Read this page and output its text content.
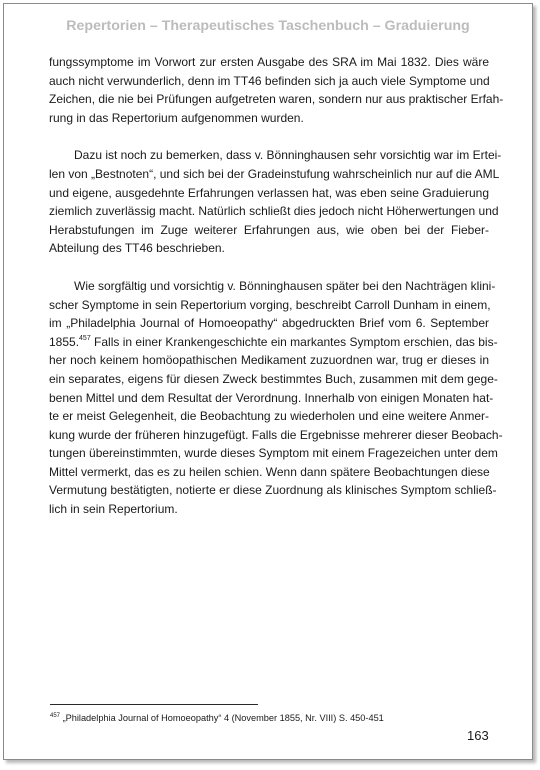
Repertorien – Therapeutisches Taschenbuch – Graduierung

fungssymptome im Vorwort zur ersten Ausgabe des SRA im Mai 1832. Dies wäre
auch nicht verwunderlich, denn im TT46 befinden sich ja auch viele Symptome und
Zeichen, die nie bei Prüfungen aufgetreten waren, sondern nur aus praktischer Erfah-
rung in das Repertorium aufgenommen wurden.

Dazu ist noch zu bemerken, dass v. Bönninghausen sehr vorsichtig war im Ertei-
len von „Bestnoten“, und sich bei der Gradeinstufung wahrscheinlich nur auf die AML
und eigene, ausgedehnte Erfahrungen verlassen hat, was eben seine Graduierung
ziemlich zuverlässig macht. Natürlich schließt dies jedoch nicht Höherwertungen und
Herabstufungen im Zuge weiterer Erfahrungen aus, wie oben bei der Fieber-
Abteilung des TT46 beschrieben.

Wie sorgfältig und vorsichtig v. Bönninghausen später bei den Nachträgen klini-
scher Symptome in sein Repertorium vorging, beschreibt Carroll Dunham in einem,
im „Philadelphia Journal of Homoeopathy“ abgedruckten Brief vom 6. September
1855.$^{457}$ Falls in einer Krankengeschichte ein markantes Symptom erschien, das bis-
her noch keinem homöopathischen Medikament zuzuordnen war, trug er dieses in
ein separates, eigens für diesen Zweck bestimmtes Buch, zusammen mit dem gege-
benen Mittel und dem Resultat der Verordnung. Innerhalb von einigen Monaten hat-
te er meist Gelegenheit, die Beobachtung zu wiederholen und eine weitere Anmer-
kung wurde der früheren hinzugefügt. Falls die Ergebnisse mehrerer dieser Beobach-
tungen übereinstimmten, wurde dieses Symptom mit einem Fragezeichen unter dem
Mittel vermerkt, das es zu heilen schien. Wenn dann spätere Beobachtungen diese
Vermutung bestätigten, notierte er diese Zuordnung als klinisches Symptom schließ-
lich in sein Repertorium.

$^{457}$ „Philadelphia Journal of Homoeopathy“ 4 (November 1855, Nr. VIII) S. 450-451
163
